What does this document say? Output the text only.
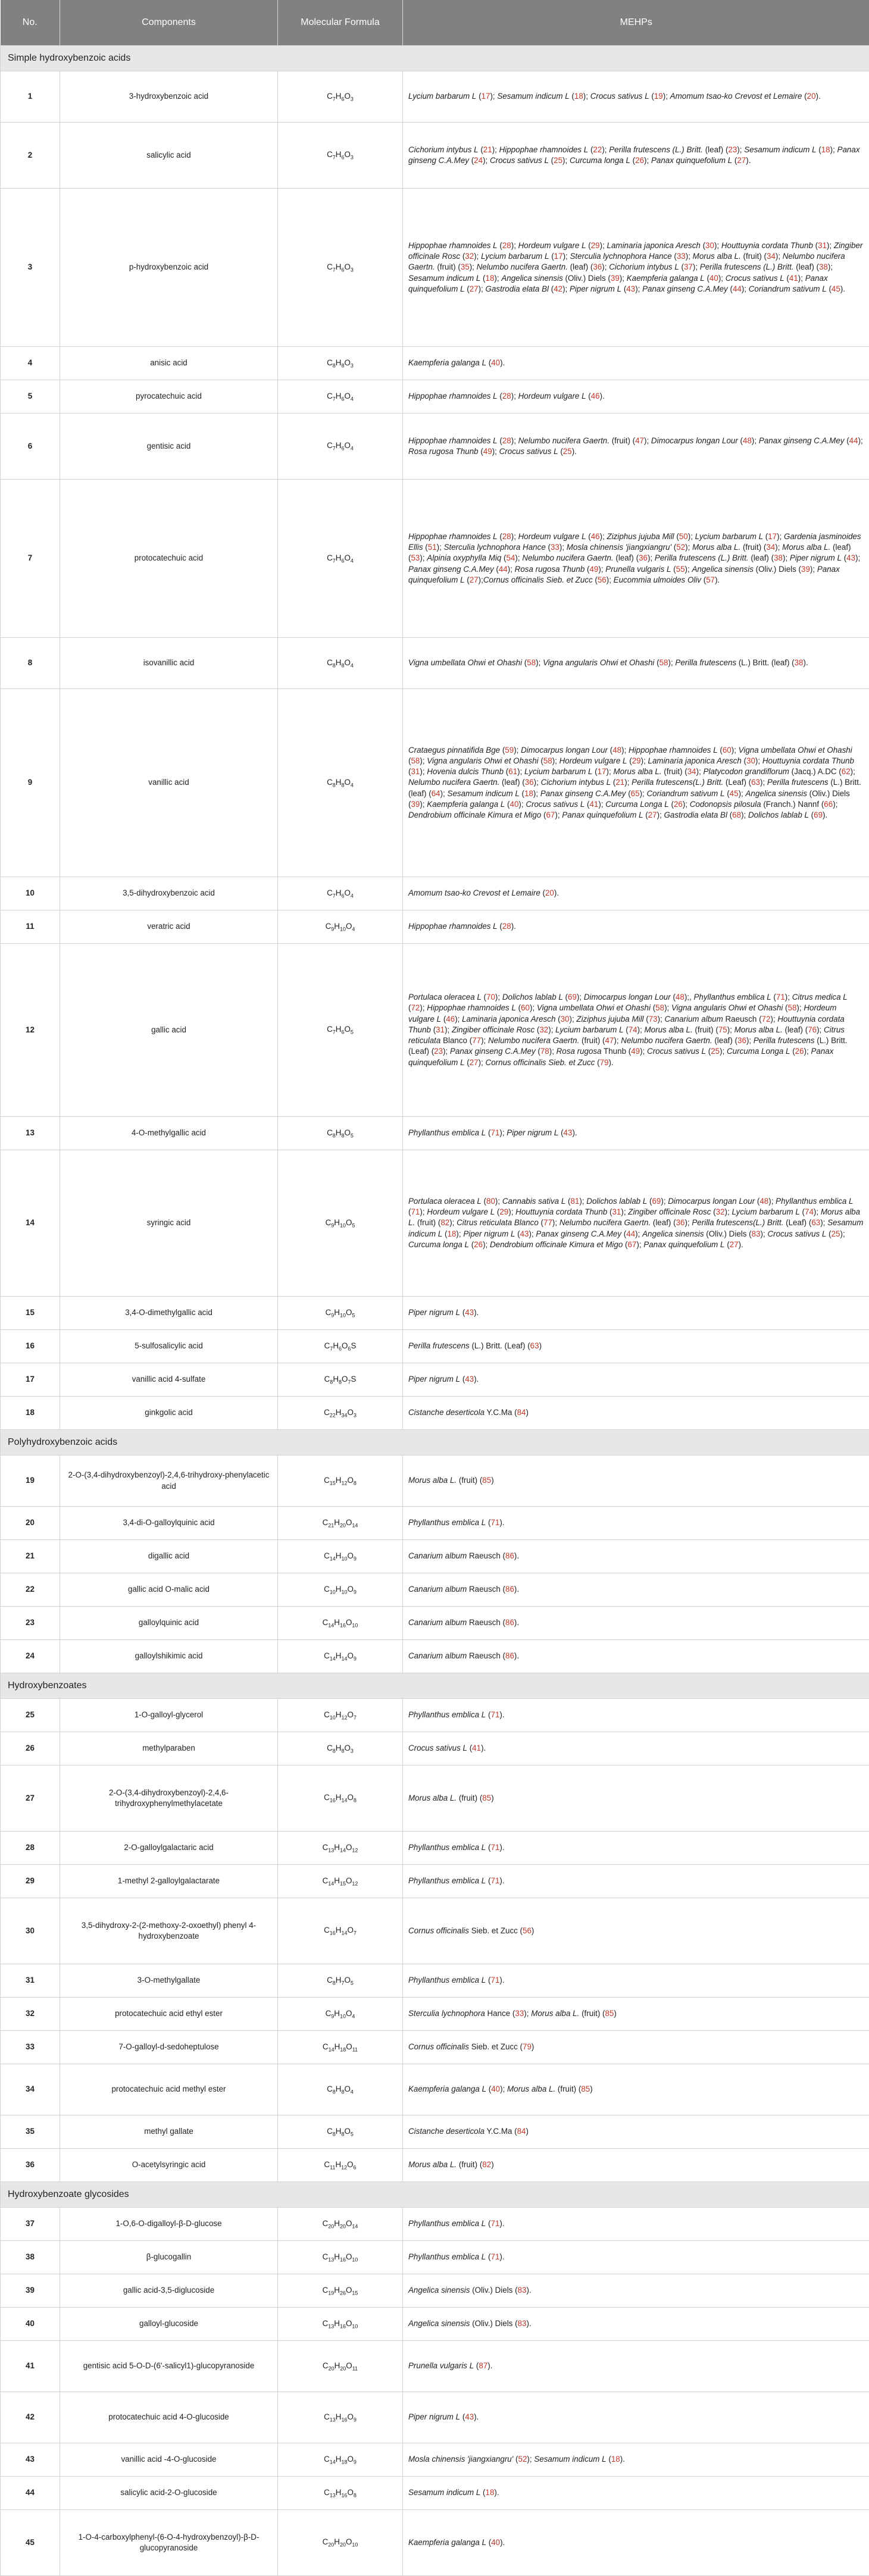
No.	Components	Molecular Formula	MEHPs
Simple hydroxybenzoic acids			
1	3-hydroxybenzoic acid	$C_7H_6O_3$	Lycium barbarum L (17); Sesamum indicum L (18); Crocus sativus L (19); Amomum tsao-ko Crevost et Lemaire (20).
2	salicylic acid	$C_7H_6O_3$	Cichorium intybus L (21); Hippophae rhamnoides L (22); Perilla frutescens (L.) Britt. (leaf) (23); Sesamum indicum L (18); Panax ginseng C.A.Mey (24); Crocus sativus L (25); Curcuma longa L (26); Panax quinquefolium L (27).
3	p-hydroxybenzoic acid	$C_7H_6O_3$	Hippophae rhamnoides L (28); Hordeum vulgare L (29); Laminaria japonica Aresch (30); Houttuynia cordata Thunb (31); Zingiber officinale Rosc (32); Lycium barbarum L (17); Sterculia lychnophora Hance (33); Morus alba L. (fruit) (34); Nelumbo nucifera Gaertn. (fruit) (35); Nelumbo nucifera Gaertn. (leaf) (36); Cichorium intybus L (37); Perilla frutescens (L.) Britt. (leaf) (38); Sesamum indicum L (18); Angelica sinensis (Oliv.) Diels (39); Kaempferia galanga L (40); Crocus sativus L (41); Panax quinquefolium L (27); Gastrodia elata Bl (42); Piper nigrum L (43); Panax ginseng C.A.Mey (44); Coriandrum sativum L (45).
4	anisic acid	$C_8H_8O_3$	Kaempferia galanga L (40).
5	pyrocatechuic acid	$C_7H_6O_4$	Hippophae rhamnoides L (28); Hordeum vulgare L (46).
6	gentisic acid	$C_7H_6O_4$	Hippophae rhamnoides L (28); Nelumbo nucifera Gaertn. (fruit) (47); Dimocarpus longan Lour (48); Panax ginseng C.A.Mey (44); Rosa rugosa Thunb (49); Crocus sativus L (25).
7	protocatechuic acid	$C_7H_6O_4$	Hippophae rhamnoides L (28); Hordeum vulgare L (46); Ziziphus jujuba Mill (50); Lycium barbarum L (17); Gardenia jasminoides Ellis (51); Sterculia lychnophora Hance (33); Mosla chinensis 'jiangxiangru' (52); Morus alba L. (fruit) (34); Morus alba L. (leaf) (53); Alpinia oxyphylla Miq (54); Nelumbo nucifera Gaertn. (leaf) (36); Perilla frutescens (L.) Britt. (leaf) (38); Piper nigrum L (43); Panax ginseng C.A.Mey (44); Rosa rugosa Thunb (49); Prunella vulgaris L (55); Angelica sinensis (Oliv.) Diels (39); Panax quinquefolium L (27);Cornus officinalis Sieb. et Zucc (56); Eucommia ulmoides Oliv (57).
8	isovanillic acid	$C_8H_8O_4$	Vigna umbellata Ohwi et Ohashi (58); Vigna angularis Ohwi et Ohashi (58); Perilla frutescens (L.) Britt. (leaf) (38).
9	vanillic acid	$C_8H_8O_4$	Crataegus pinnatifida Bge (59); Dimocarpus longan Lour (48); Hippophae rhamnoides L (60); Vigna umbellata Ohwi et Ohashi (58); Vigna angularis Ohwi et Ohashi (58); Hordeum vulgare L (29); Laminaria japonica Aresch (30); Houttuynia cordata Thunb (31); Hovenia dulcis Thunb (61); Lycium barbarum L (17); Morus alba L. (fruit) (34); Platycodon grandiflorum (Jacq.) A.DC (62); Nelumbo nucifera Gaertn. (leaf) (36); Cichorium intybus L (21); Perilla frutescens(L.) Britt. (Leaf) (63); Perilla frutescens (L.) Britt. (leaf) (64); Sesamum indicum L (18); Panax ginseng C.A.Mey (65); Coriandrum sativum L (45); Angelica sinensis (Oliv.) Diels (39); Kaempferia galanga L (40); Crocus sativus L (41); Curcuma Longa L (26); Codonopsis pilosula (Franch.) Nannf (66); Dendrobium officinale Kimura et Migo (67); Panax quinquefolium L (27); Gastrodia elata Bl (68); Dolichos lablab L (69).
10	3,5-dihydroxybenzoic acid	$C_7H_6O_4$	Amomum tsao-ko Crevost et Lemaire (20).
11	veratric acid	$C_9H_{10}O_4$	Hippophae rhamnoides L (28).
12	gallic acid	$C_7H_6O_5$	Portulaca oleracea L (70); Dolichos lablab L (69); Dimocarpus longan Lour (48);, Phyllanthus emblica L (71); Citrus medica L (72); Hippophae rhamnoides L (60); Vigna umbellata Ohwi et Ohashi (58); Vigna angularis Ohwi et Ohashi (58); Hordeum vulgare L (46); Laminaria japonica Aresch (30); Ziziphus jujuba Mill (73); Canarium album Raeusch (72); Houttuynia cordata Thunb (31); Zingiber officinale Rosc (32); Lycium barbarum L (74); Morus alba L. (fruit) (75); Morus alba L. (leaf) (76); Citrus reticulata Blanco (77); Nelumbo nucifera Gaertn. (fruit) (47); Nelumbo nucifera Gaertn. (leaf) (36); Perilla frutescens (L.) Britt. (Leaf) (23); Panax ginseng C.A.Mey (78); Rosa rugosa Thunb (49); Crocus sativus L (25); Curcuma Longa L (26); Panax quinquefolium L (27); Cornus officinalis Sieb. et Zucc (79).
13	4-O-methylgallic acid	$C_8H_8O_5$	Phyllanthus emblica L (71); Piper nigrum L (43).
14	syringic acid	$C_9H_{10}O_5$	Portulaca oleracea L (80); Cannabis sativa L (81); Dolichos lablab L (69); Dimocarpus longan Lour (48); Phyllanthus emblica L (71); Hordeum vulgare L (29); Houttuynia cordata Thunb (31); Zingiber officinale Rosc (32); Lycium barbarum L (74); Morus alba L. (fruit) (82); Citrus reticulata Blanco (77); Nelumbo nucifera Gaertn. (leaf) (36); Perilla frutescens(L.) Britt. (Leaf) (63); Sesamum indicum L (18); Piper nigrum L (43); Panax ginseng C.A.Mey (44); Angelica sinensis (Oliv.) Diels (83); Crocus sativus L (25); Curcuma longa L (26); Dendrobium officinale Kimura et Migo (67); Panax quinquefolium L (27).
15	3,4-O-dimethylgallic acid	$C_9H_{10}O_5$	Piper nigrum L (43).
16	5-sulfosalicylic acid	$C_7H_6O_6S$	Perilla frutescens (L.) Britt. (Leaf) (63)
17	vanillic acid 4-sulfate	$C_8H_8O_7S$	Piper nigrum L (43).
18	ginkgolic acid	$C_{22}H_{34}O_3$	Cistanche deserticola Y.C.Ma (84)
Polyhydroxybenzoic acids			
19	2-O-(3,4-dihydroxybenzoyl)-2,4,6-trihydroxy-phenylacetic acid	$C_{15}H_{12}O_8$	Morus alba L. (fruit) (85)
20	3,4-di-O-galloylquinic acid	$C_{21}H_{20}O_{14}$	Phyllanthus emblica L (71).
21	digallic acid	$C_{14}H_{10}O_9$	Canarium album Raeusch (86).
22	gallic acid O-malic acid	$C_{10}H_{10}O_9$	Canarium album Raeusch (86).
23	galloylquinic acid	$C_{14}H_{16}O_{10}$	Canarium album Raeusch (86).
24	galloylshikimic acid	$C_{14}H_{14}O_9$	Canarium album Raeusch (86).
Hydroxybenzoates			
25	1-O-galloyl-glycerol	$C_{10}H_{12}O_7$	Phyllanthus emblica L (71).
26	methylparaben	$C_8H_8O_3$	Crocus sativus L (41).
27	2-O-(3,4-dihydroxybenzoyl)-2,4,6-trihydroxyphenylmethylacetate	$C_{16}H_{14}O_8$	Morus alba L. (fruit) (85)
28	2-O-galloylgalactaric acid	$C_{13}H_{14}O_{12}$	Phyllanthus emblica L (71).
29	1-methyl 2-galloylgalactarate	$C_{14}H_{15}O_{12}$	Phyllanthus emblica L (71).
30	3,5-dihydroxy-2-(2-methoxy-2-oxoethyl) phenyl 4-hydroxybenzoate	$C_{16}H_{14}O_7$	Cornus officinalis Sieb. et Zucc (56)
31	3-O-methylgallate	$C_8H_7O_5$	Phyllanthus emblica L (71).
32	protocatechuic acid ethyl ester	$C_9H_{10}O_4$	Sterculia lychnophora Hance (33); Morus alba L. (fruit) (85)
33	7-O-galloyl-d-sedoheptulose	$C_{14}H_{18}O_{11}$	Cornus officinalis Sieb. et Zucc (79)
34	protocatechuic acid methyl ester	$C_8H_8O_4$	Kaempferia galanga L (40); Morus alba L. (fruit) (85)
35	methyl gallate	$C_8H_8O_5$	Cistanche deserticola Y.C.Ma (84)
36	O-acetylsyringic acid	$C_{11}H_{12}O_6$	Morus alba L. (fruit) (82)
Hydroxybenzoate glycosides			
37	1-O,6-O-digalloyl-β-D-glucose	$C_{20}H_{20}O_{14}$	Phyllanthus emblica L (71).
38	β-glucogallin	$C_{13}H_{16}O_{10}$	Phyllanthus emblica L (71).
39	gallic acid-3,5-diglucoside	$C_{19}H_{26}O_{15}$	Angelica sinensis (Oliv.) Diels (83).
40	galloyl-glucoside	$C_{13}H_{16}O_{10}$	Angelica sinensis (Oliv.) Diels (83).
41	gentisic acid 5-O-D-(6'-salicyl1)-glucopyranoside	$C_{20}H_{20}O_{11}$	Prunella vulgaris L (87).
42	protocatechuic acid 4-O-glucoside	$C_{13}H_{16}O_9$	Piper nigrum L (43).
43	vanillic acid -4-O-glucoside	$C_{14}H_{18}O_9$	Mosla chinensis 'jiangxiangru' (52); Sesamum indicum L (18).
44	salicylic acid-2-O-glucoside	$C_{13}H_{16}O_8$	Sesamum indicum L (18).
45	1-O-4-carboxylphenyl-(6-O-4-hydroxybenzoyl)-β-D-glucopyranoside	$C_{20}H_{20}O_{10}$	Kaempferia galanga L (40).
